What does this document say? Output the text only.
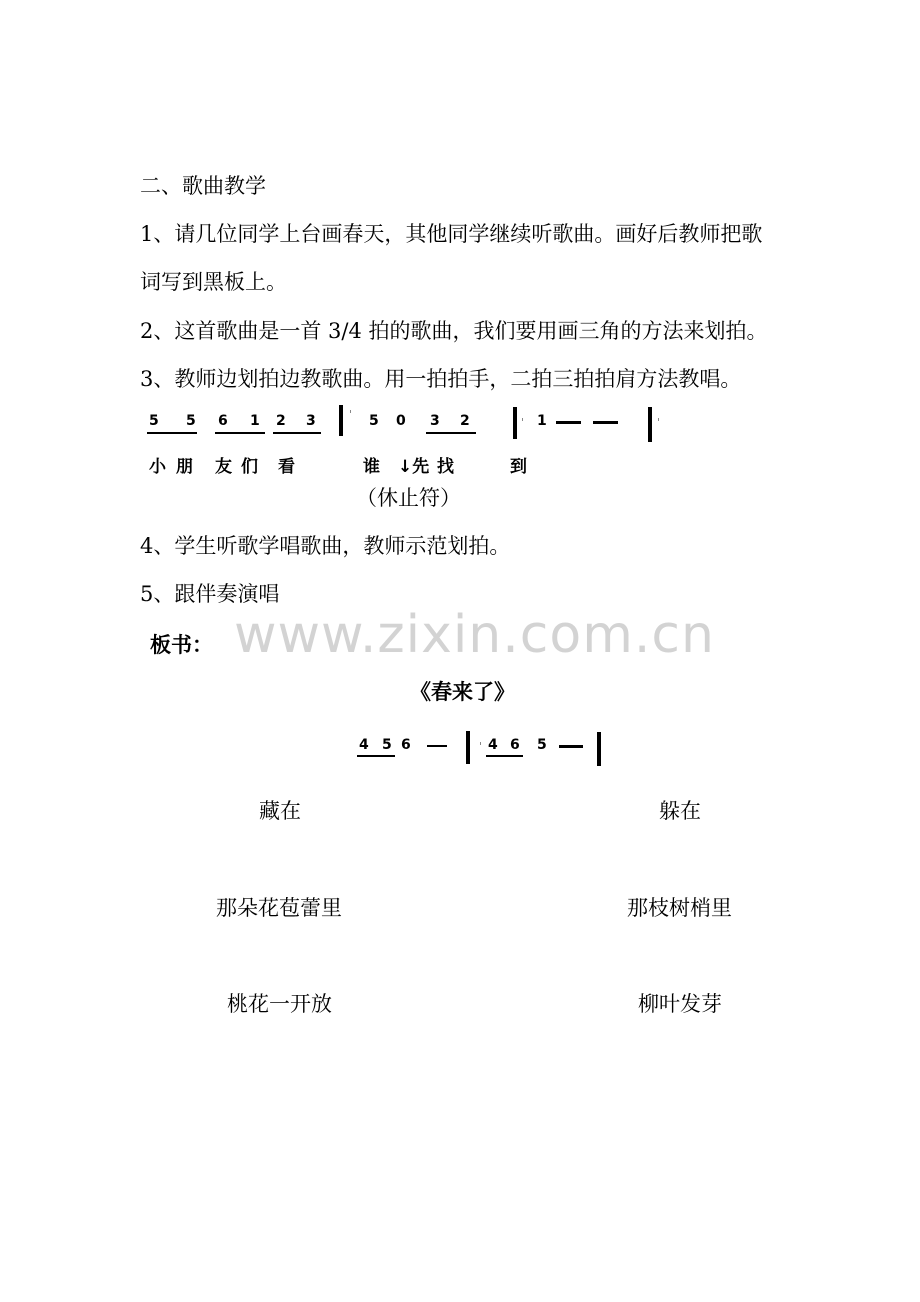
二、歌曲教学
1、请几位同学上台画春天，其他同学继续听歌曲。画好后教师把歌
词写到黑板上。
2、这首歌曲是一首 3/4 拍的歌曲，我们要用画三角的方法来划拍。
3、教师边划拍边教歌曲。用一拍拍手，二拍三拍拍肩方法教唱。
5 5 6 1 2 3	5 0 3 2	1
小 朋 友 们 看	谁 ↓先 找	到
（休止符）
4、学生听歌学唱歌曲，教师示范划拍。
5、跟伴奏演唱
www.zixin.com.cn
板书：
《春来了》
4 5 6	4 6 5
藏在	躲在
那朵花苞蕾里	那枝树梢里
桃花一开放	柳叶发芽
